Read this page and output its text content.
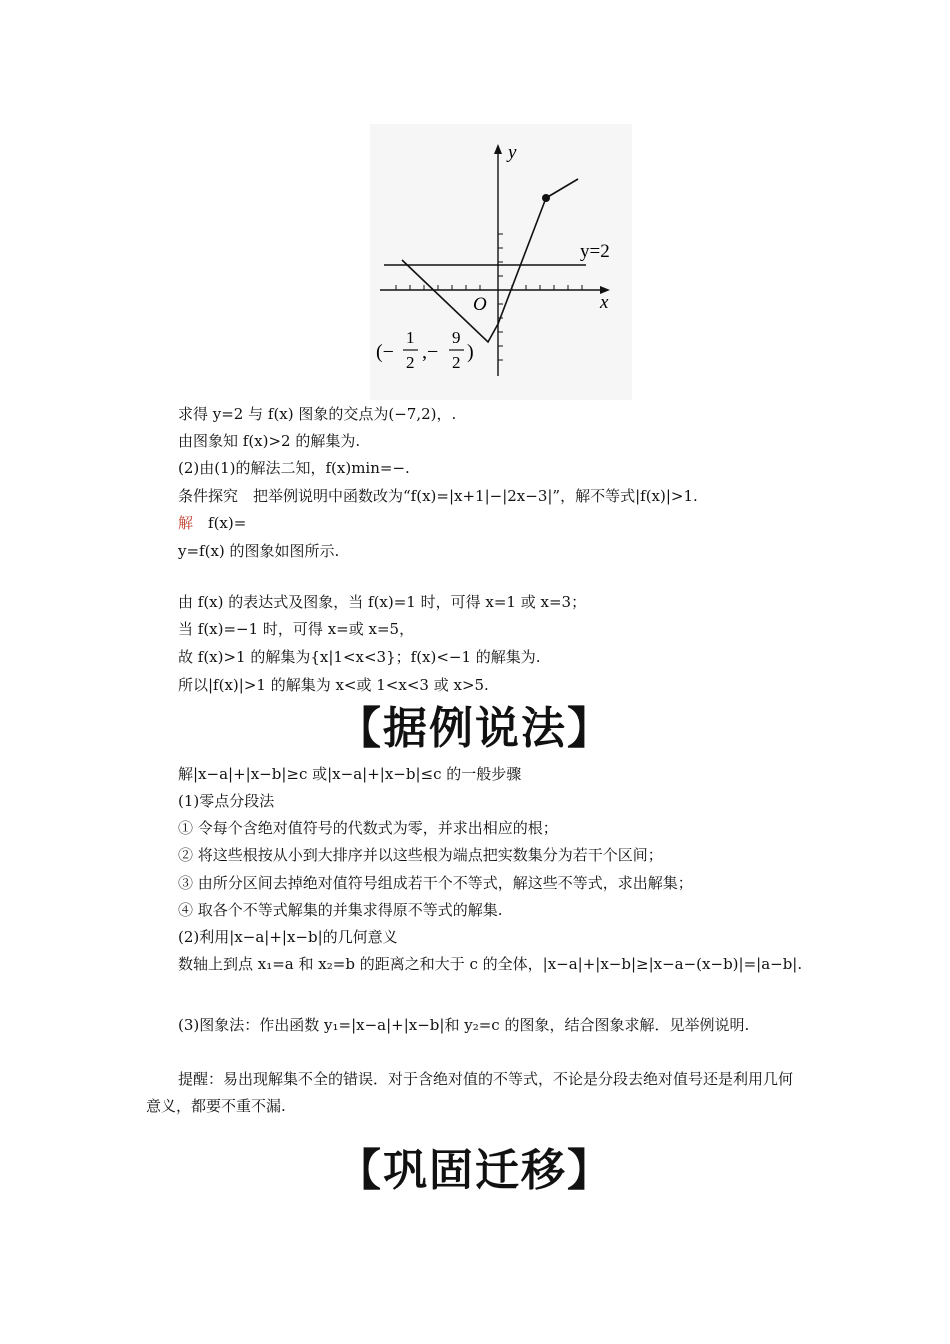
y
x
O
y=2
(−
1
2 ,−
9
2 )
求得 y=2 与 f(x) 图象的交点为(−7,2)，.
由图象知 f(x)>2 的解集为.
(2)由(1)的解法二知，f(x)min=−.
条件探究　把举例说明中函数改为“f(x)=|x+1|−|2x−3|”，解不等式|f(x)|>1.
解　f(x)=
y=f(x) 的图象如图所示.
由 f(x) 的表达式及图象，当 f(x)=1 时，可得 x=1 或 x=3；
当 f(x)=−1 时，可得 x=或 x=5，
故 f(x)>1 的解集为{x|1<x<3}；f(x)<−1 的解集为.
所以|f(x)|>1 的解集为 x<或 1<x<3 或 x>5.
【据例说法】
解|x−a|+|x−b|≥c 或|x−a|+|x−b|≤c 的一般步骤
(1)零点分段法
① 令每个含绝对值符号的代数式为零，并求出相应的根；
② 将这些根按从小到大排序并以这些根为端点把实数集分为若干个区间；
③ 由所分区间去掉绝对值符号组成若干个不等式，解这些不等式，求出解集；
④ 取各个不等式解集的并集求得原不等式的解集.
(2)利用|x−a|+|x−b|的几何意义
数轴上到点 x₁=a 和 x₂=b 的距离之和大于 c 的全体，|x−a|+|x−b|≥|x−a−(x−b)|=|a−b|.
(3)图象法：作出函数 y₁=|x−a|+|x−b|和 y₂=c 的图象，结合图象求解．见举例说明.
提醒：易出现解集不全的错误．对于含绝对值的不等式，不论是分段去绝对值号还是利用几何意义，都要不重不漏.
【巩固迁移】
